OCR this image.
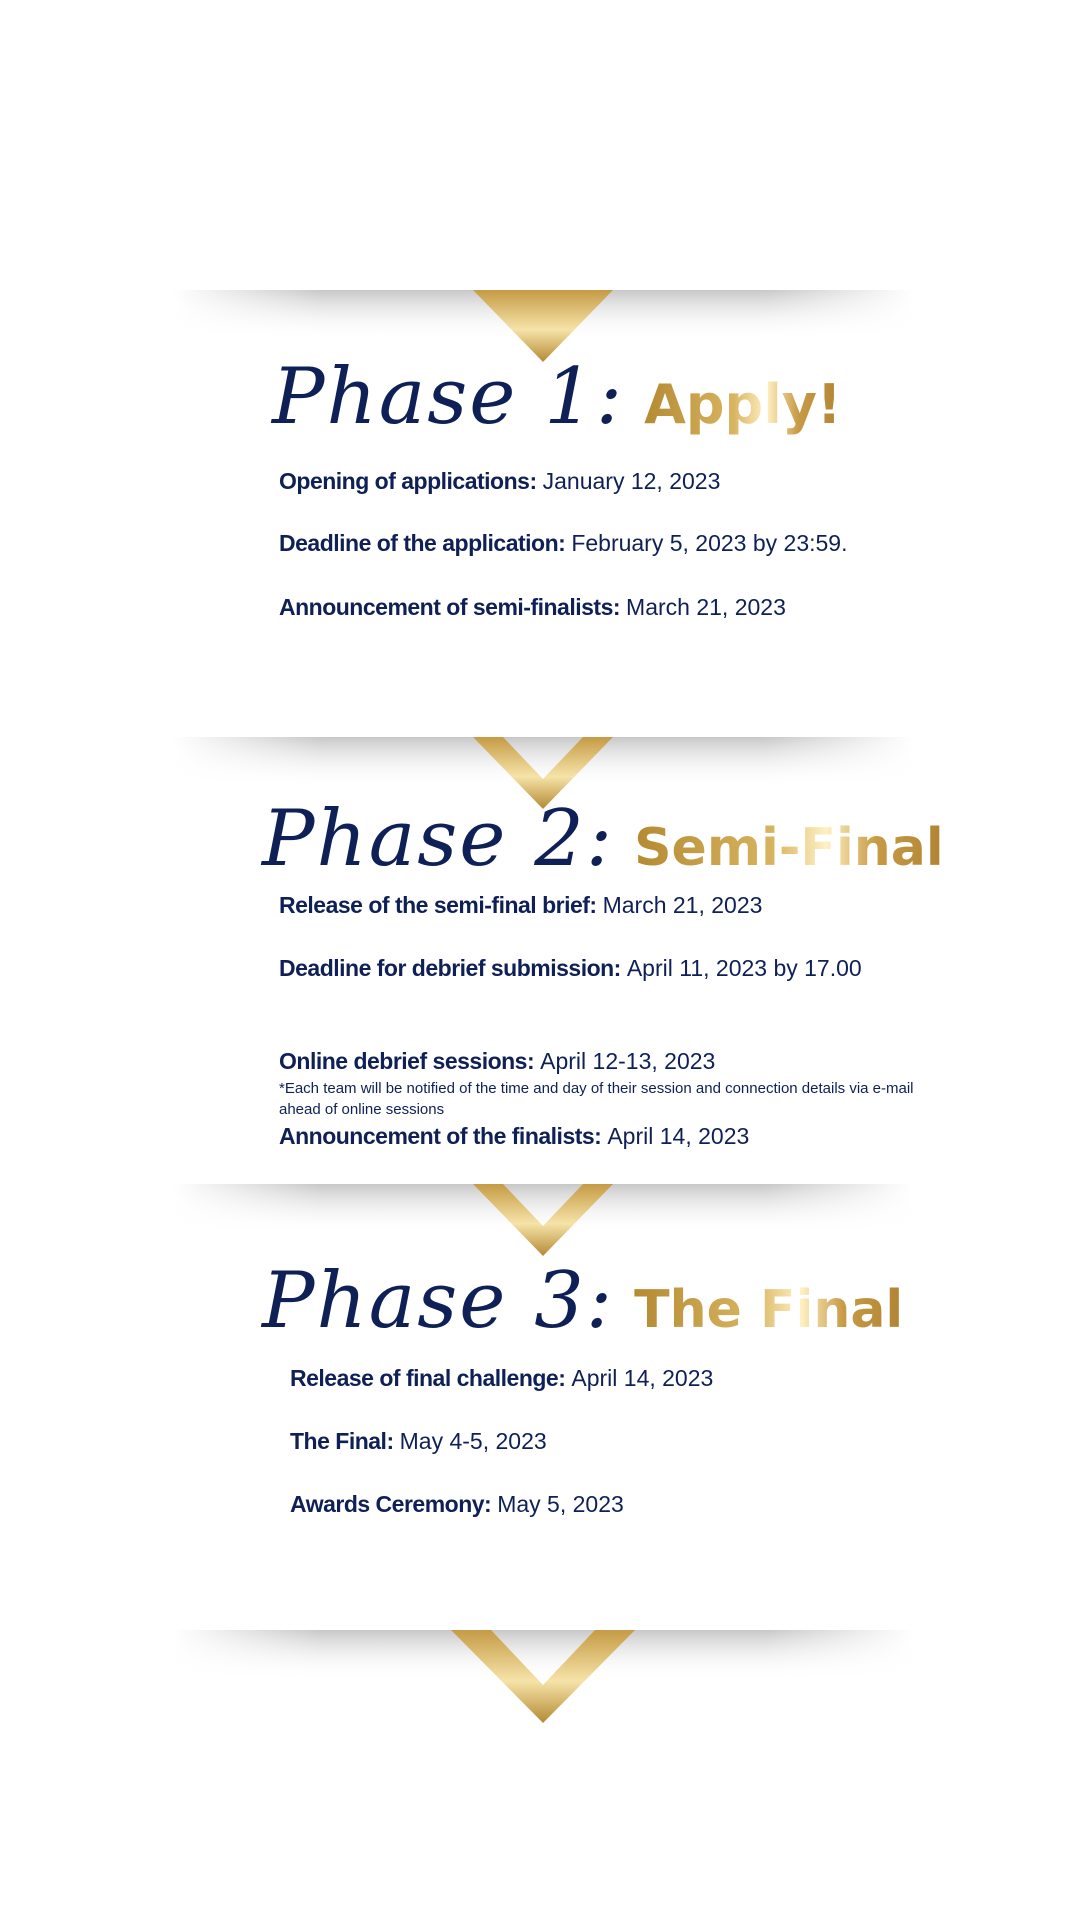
Phase 1: Apply!
Opening of applications: January 12, 2023
Deadline of the application: February 5, 2023 by 23:59.
Announcement of semi-finalists: March 21, 2023
Phase 2: Semi-Final
Release of the semi-final brief: March 21, 2023
Deadline for debrief submission: April 11, 2023 by 17.00
Online debrief sessions: April 12-13, 2023
*Each team will be notified of the time and day of their session and connection details via e-mail ahead of online sessions
Announcement of the finalists: April 14, 2023
Phase 3: The Final
Release of final challenge: April 14, 2023
The Final: May 4-5, 2023
Awards Ceremony: May 5, 2023
